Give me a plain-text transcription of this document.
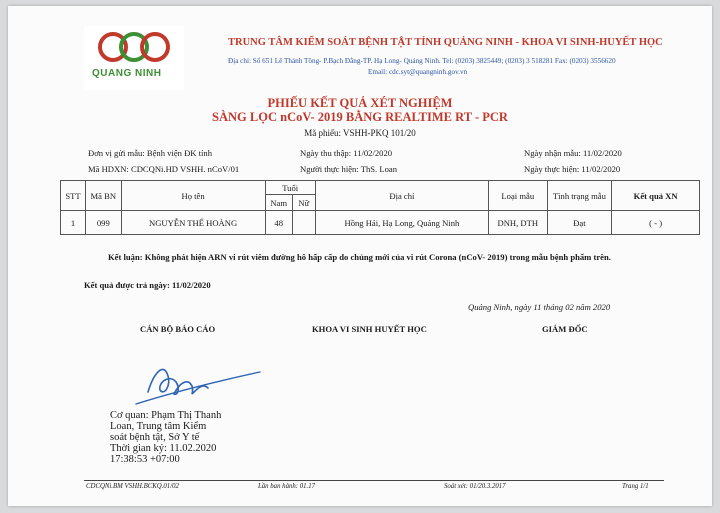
QUANG NINH
TRUNG TÂM KIỂM SOÁT BỆNH TẬT TỈNH QUẢNG NINH - KHOA VI SINH-HUYẾT HỌC
Địa chỉ: Số 651 Lê Thánh Tông- P.Bạch Đằng-TP. Hạ Long- Quảng Ninh. Tel: (0203) 3825449; (0203) 3 518281 Fax: (0203) 3556620
Email: cdc.syt@quangninh.gov.vn
PHIẾU KẾT QUẢ XÉT NGHIỆM
SÀNG LỌC nCoV- 2019 BẰNG REALTIME RT - PCR
Mã phiếu: VSHH-PKQ 101/20
Đơn vị gửi mẫu: Bệnh viện ĐK tỉnh	Ngày thu thập: 11/02/2020	Ngày nhận mẫu: 11/02/2020
Mã HDXN: CDCQNi.HD VSHH. nCoV/01	Người thực hiện: ThS. Loan	Ngày thực hiện: 11/02/2020
STT	Mã BN	Họ tên	Tuổi		Địa chỉ	Loại mẫu	Tình trạng mẫu	Kết quả XN
			Nam	Nữ				
1	099	NGUYỄN THẾ HOÀNG	48		Hồng Hải, Hạ Long, Quảng Ninh	DNH, DTH	Đạt	( - )
Kết luận: Không phát hiện ARN vi rút viêm đường hô hấp cấp do chủng mới của vi rút Corona (nCoV- 2019) trong mẫu bệnh phẩm trên.
Kết quả được trả ngày: 11/02/2020
Quảng Ninh, ngày 11 tháng 02 năm 2020
CÁN BỘ BÁO CÁO	KHOA VI SINH HUYẾT HỌC	GIÁM ĐỐC
Cơ quan: Phạm Thị Thanh
Loan, Trung tâm Kiểm
soát bệnh tật, Sở Y tế
Thời gian ký: 11.02.2020
17:38:53 +07:00
CDCQNi.BM VSHH.BCKQ.01/02	Lần ban hành: 01.17	Soát xét: 01/20.3.2017	Trang 1/1
